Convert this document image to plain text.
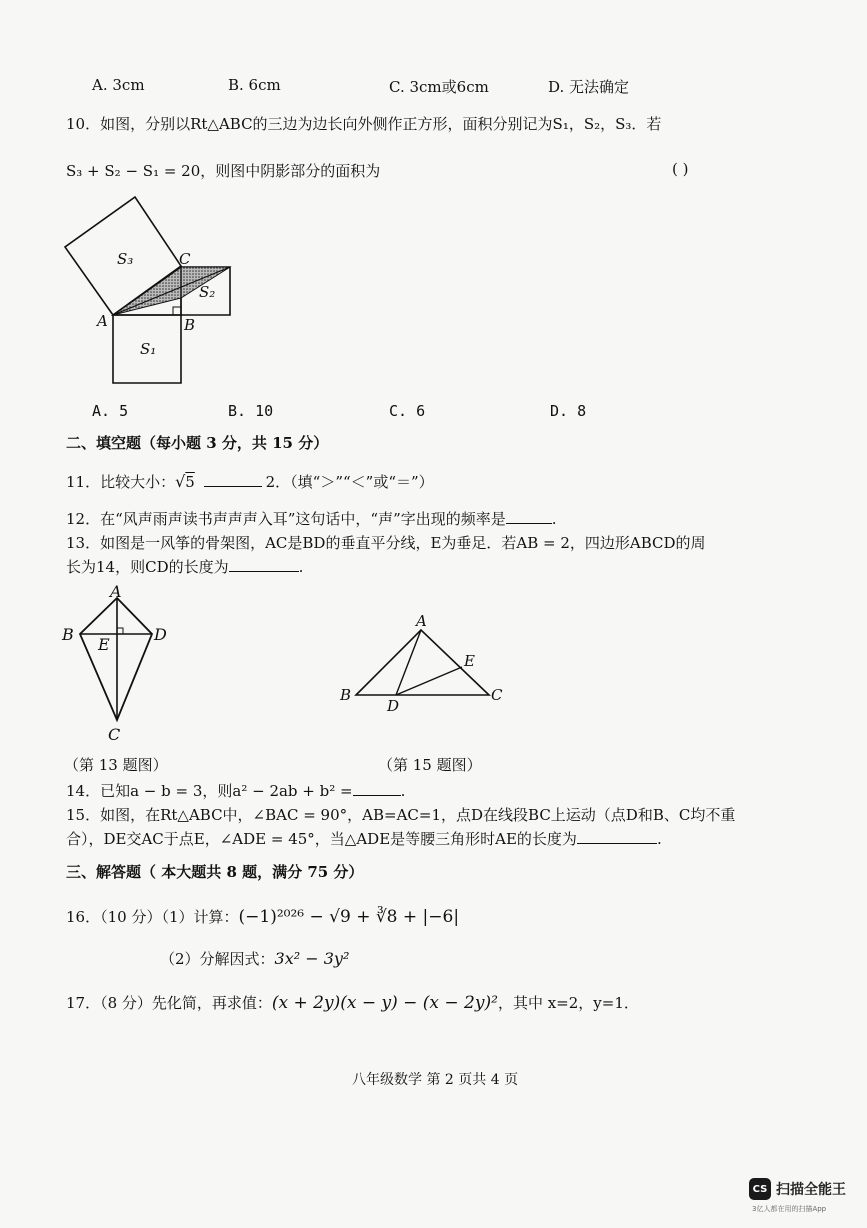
A. 3cm	B. 6cm	C. 3cm或6cm	D. 无法确定
10．如图，分别以Rt△ABC的三边为边长向外侧作正方形，面积分别记为S₁，S₂，S₃．若
S₃ + S₂ − S₁ = 20，则图中阴影部分的面积为	( )
S₃
S₂
S₁
A	B
C
A. 5	B. 10	C. 6	D. 8
二、填空题（每小题 3 分，共 15 分）
11．比较大小：√5	2．（填“＞”“＜”或“＝”）
12．在“风声雨声读书声声声入耳”这句话中，“声”字出现的频率是	.
13．如图是一风筝的骨架图，AC是BD的垂直平分线，E为垂足．若AB = 2，四边形ABCD的周
长为14，则CD的长度为	.
A
B	D
E
C
（第 13 题图）
A
B	C
D
E
（第 15 题图）
14．已知a − b = 3，则a² − 2ab + b² =	.
15．如图，在Rt△ABC中，∠BAC = 90°，AB=AC=1，点D在线段BC上运动（点D和B、C均不重
合），DE交AC于点E，∠ADE = 45°，当△ADE是等腰三角形时AE的长度为	.
三、解答题（ 本大题共 8 题，满分 75 分）
16．（10 分）（1）计算：(−1)²⁰²⁶ − √9 + ∛8 + |−6|
（2）分解因式：3x² − 3y²
17．（8 分）先化简，再求值：(x + 2y)(x − y) − (x − 2y)²，其中 x=2，y=1．
八年级数学 第 2 页共 4 页
CS 扫描全能王
3亿人都在用的扫描App
